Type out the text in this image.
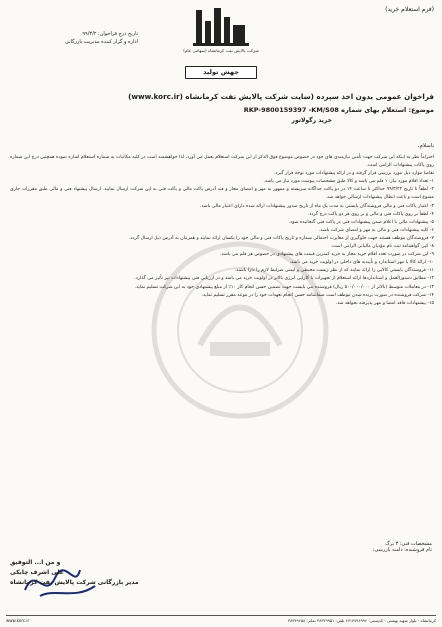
(فرم استعلام خرید)
شرکت پالایش نفت کرمانشاه (سهامی عام)
تاریخ درج فراخوان: ۹۹/۳/۲
اداره و گزار کننده مدیریت بازرگانی
جهش تولید
فراخوان عمومی بدون اخذ سپرده (سایت شرکت پالایش نفت کرمانشاه (www.korc.ir)
موضوع: استعلام بهای شماره RKP-9800159397 -KM/S08
خرید رگولاتور
باسلام،

احتراماً نظر به اینکه این شرکت جهت تأمین نیازمندی های خود در خصوص موضوع فوق الذکر از این شرکت استعلام بعمل می آورد، لذا خواهشمند است در کلیه مکاتبات به شماره استعلام اشاره نموده همچنین درج این شماره روی پاکات پیشنهادات الزامی است.

تقاضا موارد ذیل مورد بررسی قرار گرفته و در ارائه پیشنهادات مورد توجه قرار گیرد.

۱- تعداد اقلام مورد نیاز: ۱ قلم می باشد و کالا طبق مشخصات پیوست مورد نیاز می باشد.

۲- لطفاً تا تاریخ ۹۹/۳/۲۲ حداکثر تا ساعت ۱۴ در دو پاکت جداگانه سربسته و ممهور به مهر و امضای مجاز و قید آدرس پاکت مالی و پاکت فنی به این شرکت ارسال نمایید. ارسال پیشنهاد فنی و مالی طبق مقررات جاری ممنوع است و باعث ابطال پیشنهادات ارسالی خواهد شد.

۳- اعتبار پاکات فنی و مالی فروشندگان بایستی به مدت یک ماه از تاریخ صدور پیشنهادات ارائه شده دارای اعتبار مالی باشد.

۴- لطفاً بر روی پاکات فنی و مالی و بر روی هر دو پاکت درج گردد.

۵- پیشنهادات مالی با اعلام ضمن پیشنهادات فنی در پاکت فنی گنجانیده شود.

۶- کلیه پیشنهادات فنی و مالی به مهر و امضای شرکت باشد.

۷- فروشندگان موظف هستند جهت جلوگیری از مغایرت احتمالی شماره و تاریخ پاکات فنی و مالی خود را یکسان ارائه نمایند و همزمان به آدرس ذیل ارسال گردد.

۸- کپی گواهینامه ثبت نام مؤدیان مالیاتی الزامی است.

۹- این شرکت در صورت تعدد اقلام خرید مجاز به خرید کمترین قیمت های پیشنهادی در خصوص هر قلم می باشد.

۱۰- ارائه کالا با مهر استاندارد و تأییدیه های داخلی در اولویت خرید می باشد.

۱۱- فروشندگان بایستی کالایی را ارائه نمایند که از نظر زیست محیطی و ایمنی شرایط لازم را دارا باشند.

۱۲- مطابق دستورالعمل و استانداردها ارائه استعلام از تجهیزات با کارایی انرژی بالاتر در اولویت خرید می باشد و در ارزیابی فنی پیشنهادات نیز تأثیر می گذارد.

۱۳- در معاملات متوسط (بالاتر از ۵۰۰/۰۰۰/۰۰۰ ریال) فروشنده می بایست جهت تضمین حسن انجام کار ۱۰٪ از مبلغ پیشنهادی خود به این شرکت تسلیم نماید.

۱۴- شرکت فروشنده در صورت برنده شدن موظف است ضمانتنامه حسن انجام تعهدات خود را در موعد مقرر تسلیم نماید.

۱۵- پیشنهادات فاقد امضا و مهر پذیرفته نخواهد شد.

مشخصات فنی: ۳ برگ
نام فروشنده: دامنه بازرسی:
و من ا... التوفیق
علی اشرف چابکی
مدیر بازرگانی شرکت پالایش نفت کرمانشاه
کرمانشاه - بلوار شهید بهشتی - کدپستی: ۶۷۱۴۷۹۶۹۹۶ تلفن: ۳۸۳۴۹۹۵۱ نمابر: ۳۸۳۴۹۶۵۸
www.korc.ir
